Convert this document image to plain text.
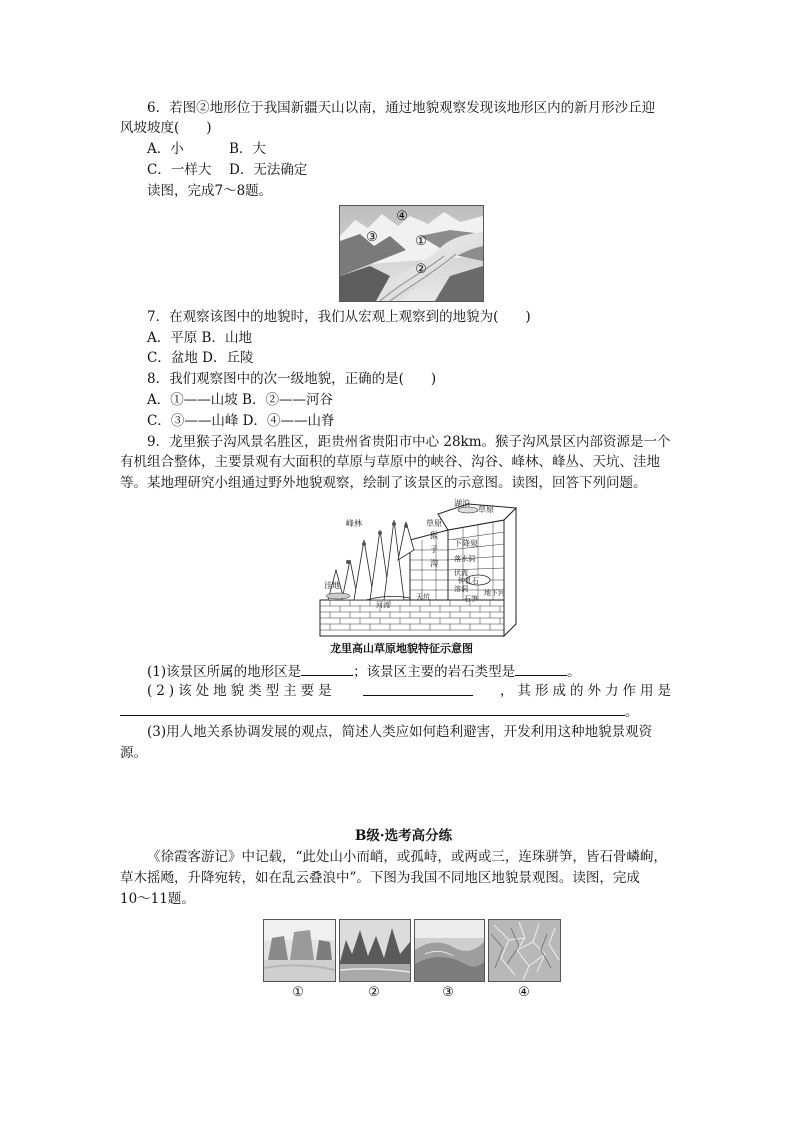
6．若图②地形位于我国新疆天山以南，通过地貌观察发现该地形区内的新月形沙丘迎
风坡坡度(　　)
A．小	B．大
C．一样大 D．无法确定
读图，完成7～8题。
④
③	①
②
7．在观察该图中的地貌时，我们从宏观上观察到的地貌为(　　)
A．平原 B．山地
C．盆地 D．丘陵
8．我们观察图中的次一级地貌，正确的是(　　)
A．①——山坡 B．②——河谷
C．③——山峰 D．④——山脊
9．龙里猴子沟风景名胜区，距贵州省贵阳市中心 28km。猴子沟风景区内部资源是一个
有机组合整体，主要景观有大面积的草原与草原中的峡谷、沟谷、峰林、峰丛、天坑、洼地
等。某地理研究小组通过野外地貌观察，绘制了该景区的示意图。读图，回答下列问题。
湖泊
草原
草原
猴
下降泉
子
沟 落水洞
伏流
地下河
溶洞
钟乳石
洼地
石笋
天坑
河流
峰林
龙里高山草原地貌特征示意图
(1)该景区所属的地形区是	；该景区主要的岩石类型是	。
(2)该处地貌类型主要是	，其形成的外力作用是
。
(3)用人地关系协调发展的观点，简述人类应如何趋利避害，开发利用这种地貌景观资
源。
B级·选考高分练
《徐霞客游记》中记载，“此处山小而峭，或孤峙，或两或三，连珠骈笋，皆石骨嶙峋，
草木摇飏，升降宛转，如在乱云叠浪中”。下图为我国不同地区地貌景观图。读图，完成
10～11题。
①	②	③	④
